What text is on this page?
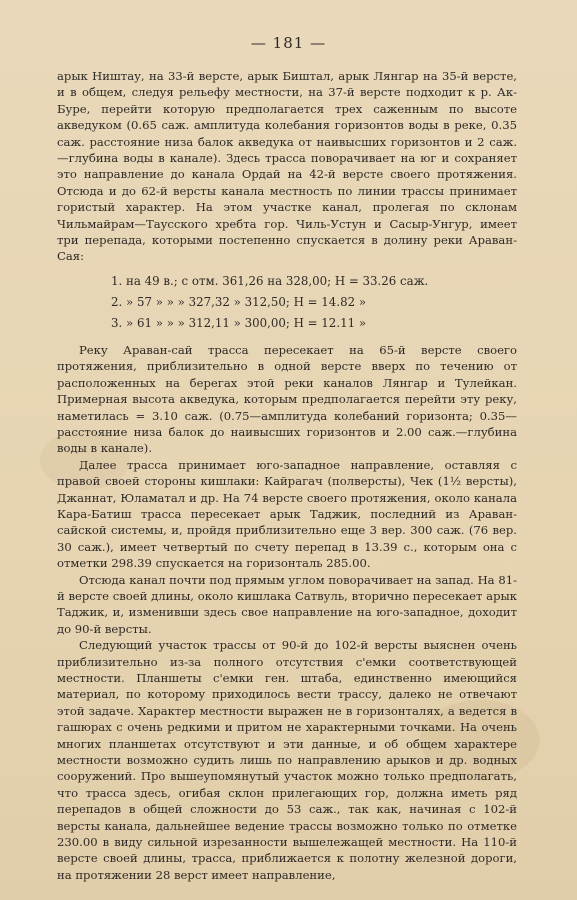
— 181 —

арык Ништау, на 33-й версте, арык Биштал, арык Лянгар на 35-й версте, и в общем, следуя рельефу местности, на 37-й версте подходит к р. Ак-Буре, перейти которую предполагается трех саженным по высоте акведуком (0.65 саж. амплитуда колебания горизонтов воды в реке, 0.35 саж. расстояние низа балок акведука от наивысших горизонтов и 2 саж.—глубина воды в канале). Здесь трасса поворачивает на юг и сохраняет это направление до канала Ордай на 42-й версте своего протяжения. Отсюда и до 62-й версты канала местность по линии трассы принимает гористый характер. На этом участке канал, пролегая по склонам Чильмайрам—Таусского хребта гор. Чиль-Устун и Сасыр-Унгур, имеет три перепада, которыми постепенно спускается в долину реки Араван-Сая:

1. на 49 в.; с отм. 361,26 на 328,00; H = 33.26 саж.
2. » 57 » » » 327,32 » 312,50; H = 14.82 »
3. » 61 » » » 312,11 » 300,00; H = 12.11 »

Реку Араван-сай трасса пересекает на 65-й версте своего протяжения, приблизительно в одной версте вверх по течению от расположенных на берегах этой реки каналов Лянгар и Тулейкан. Примерная высота акведука, которым предполагается перейти эту реку, наметилась = 3.10 саж. (0.75—амплитуда колебаний горизонта; 0.35—расстояние низа балок до наивысших горизонтов и 2.00 саж.—глубина воды в канале).

Далее трасса принимает юго-западное направление, оставляя с правой своей стороны кишлаки: Кайрагач (полверсты), Чек (1½ версты), Джаннат, Юламатал и др. На 74 версте своего протяжения, около канала Кара-Батиш трасса пересекает арык Таджик, последний из Араван-сайской системы, и, пройдя приблизительно еще 3 вер. 300 саж. (76 вер. 30 саж.), имеет четвертый по счету перепад в 13.39 с., которым она с отметки 298.39 спускается на горизонталь 285.00.

Отсюда канал почти под прямым углом поворачивает на запад. На 81-й версте своей длины, около кишлака Сатвуль, вторично пересекает арык Таджик, и, изменивши здесь свое направление на юго-западное, доходит до 90-й версты.

Следующий участок трассы от 90-й до 102-й версты выяснен очень приблизительно из-за полного отсутствия с'емки соответствующей местности. Планшеты с'емки ген. штаба, единственно имеющийся материал, по которому приходилось вести трассу, далеко не отвечают этой задаче. Характер местности выражен не в горизонталях, а ведется в гашюрах с очень редкими и притом не характерными точками. На очень многих планшетах отсутствуют и эти данные, и об общем характере местности возможно судить лишь по направлению арыков и др. водных сооружений. Про вышеупомянутый участок можно только предполагать, что трасса здесь, огибая склон прилегающих гор, должна иметь ряд перепадов в общей сложности до 53 саж., так как, начиная с 102-й версты канала, дальнейшее ведение трассы возможно только по отметке 230.00 в виду сильной изрезанности вышележащей местности. На 110-й версте своей длины, трасса, приближается к полотну железной дороги, на протяжении 28 верст имеет направление,
